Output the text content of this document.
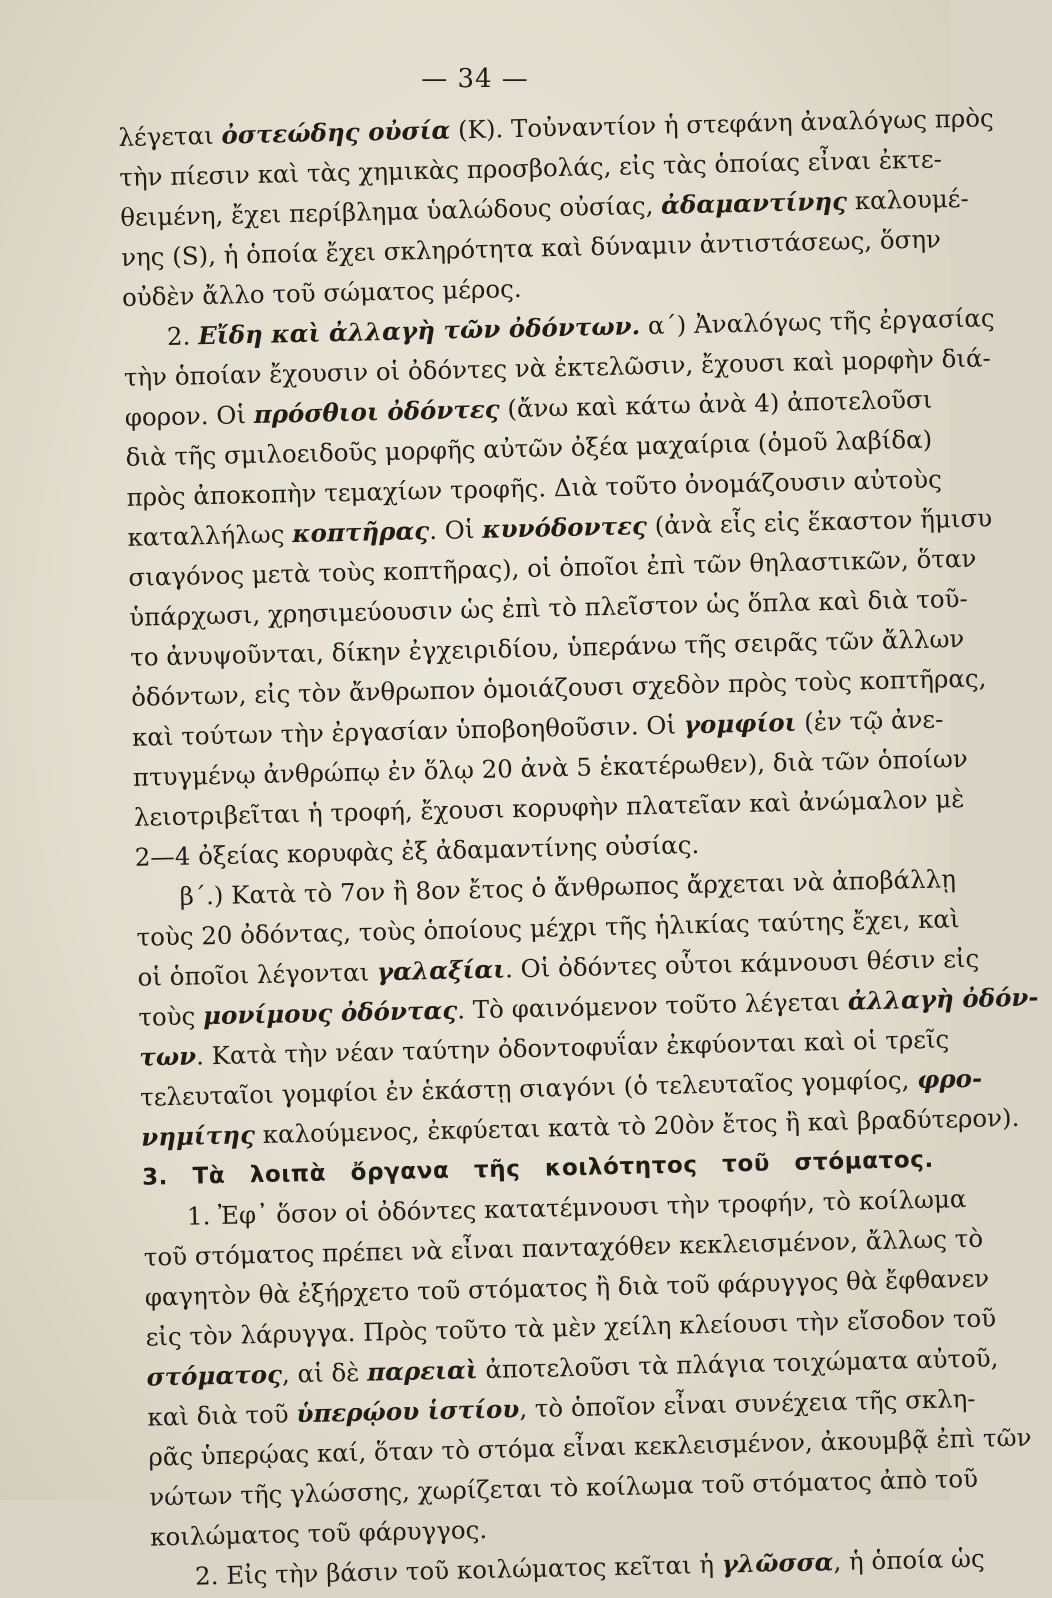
— 34 —
λέγεται ὀστεώδης οὐσία (Κ). Τοὐναντίον ἡ στεφάνη ἀναλόγως πρὸς
τὴν πίεσιν καὶ τὰς χημικὰς προσβολάς, εἰς τὰς ὁποίας εἶναι ἐκτε-
θειμένη, ἔχει περίβλημα ὑαλώδους οὐσίας, ἀδαμαντίνης καλουμέ-
νης (S), ἡ ὁποία ἔχει σκληρότητα καὶ δύναμιν ἀντιστάσεως, ὅσην
οὐδὲν ἄλλο τοῦ σώματος μέρος.
2. Εἴδη καὶ ἀλλαγὴ τῶν ὀδόντων. α΄) Ἀναλόγως τῆς ἐργασίας
τὴν ὁποίαν ἔχουσιν οἱ ὀδόντες νὰ ἐκτελῶσιν, ἔχουσι καὶ μορφὴν διά-
φορον. Οἱ πρόσθιοι ὀδόντες (ἄνω καὶ κάτω ἀνὰ 4) ἀποτελοῦσι
διὰ τῆς σμιλοειδοῦς μορφῆς αὐτῶν ὀξέα μαχαίρια (ὁμοῦ λαβίδα)
πρὸς ἀποκοπὴν τεμαχίων τροφῆς. Διὰ τοῦτο ὀνομάζουσιν αὐτοὺς
καταλλήλως κοπτῆρας. Οἱ κυνόδοντες (ἀνὰ εἷς εἰς ἕκαστον ἥμισυ
σιαγόνος μετὰ τοὺς κοπτῆρας), οἱ ὁποῖοι ἐπὶ τῶν θηλαστικῶν, ὅταν
ὑπάρχωσι, χρησιμεύουσιν ὡς ἐπὶ τὸ πλεῖστον ὡς ὅπλα καὶ διὰ τοῦ-
το ἀνυψοῦνται, δίκην ἐγχειριδίου, ὑπεράνω τῆς σειρᾶς τῶν ἄλλων
ὀδόντων, εἰς τὸν ἄνθρωπον ὁμοιάζουσι σχεδὸν πρὸς τοὺς κοπτῆρας,
καὶ τούτων τὴν ἐργασίαν ὑποβοηθοῦσιν. Οἱ γομφίοι (ἐν τῷ ἀνε-
πτυγμένῳ ἀνθρώπῳ ἐν ὅλῳ 20 ἀνὰ 5 ἑκατέρωθεν), διὰ τῶν ὁποίων
λειοτριβεῖται ἡ τροφή, ἔχουσι κορυφὴν πλατεῖαν καὶ ἀνώμαλον μὲ
2—4 ὀξείας κορυφὰς ἐξ ἀδαμαντίνης οὐσίας.
β΄.) Κατὰ τὸ 7ον ἢ 8ον ἔτος ὁ ἄνθρωπος ἄρχεται νὰ ἀποβάλλῃ
τοὺς 20 ὀδόντας, τοὺς ὁποίους μέχρι τῆς ἡλικίας ταύτης ἔχει, καὶ
οἱ ὁποῖοι λέγονται γαλαξίαι. Οἱ ὀδόντες οὗτοι κάμνουσι θέσιν εἰς
τοὺς μονίμους ὀδόντας. Τὸ φαινόμενον τοῦτο λέγεται ἀλλαγὴ ὀδόν-
των. Κατὰ τὴν νέαν ταύτην ὀδοντοφυΐαν ἐκφύονται καὶ οἱ τρεῖς
τελευταῖοι γομφίοι ἐν ἑκάστῃ σιαγόνι (ὁ τελευταῖος γομφίος, φρο-
νημίτης καλούμενος, ἐκφύεται κατὰ τὸ 20ὸν ἔτος ἢ καὶ βραδύτερον).
3. Τὰ λοιπὰ ὄργανα τῆς κοιλότητος τοῦ στόματος.
1. Ἐφ᾽ ὅσον οἱ ὀδόντες κατατέμνουσι τὴν τροφήν, τὸ κοίλωμα
τοῦ στόματος πρέπει νὰ εἶναι πανταχόθεν κεκλεισμένον, ἄλλως τὸ
φαγητὸν θὰ ἐξήρχετο τοῦ στόματος ἢ διὰ τοῦ φάρυγγος θὰ ἔφθανεν
εἰς τὸν λάρυγγα. Πρὸς τοῦτο τὰ μὲν χείλη κλείουσι τὴν εἴσοδον τοῦ
στόματος, αἱ δὲ παρειαὶ ἀποτελοῦσι τὰ πλάγια τοιχώματα αὐτοῦ,
καὶ διὰ τοῦ ὑπερῴου ἱστίου, τὸ ὁποῖον εἶναι συνέχεια τῆς σκλη-
ρᾶς ὑπερῴας καί, ὅταν τὸ στόμα εἶναι κεκλεισμένον, ἀκουμβᾷ ἐπὶ τῶν
νώτων τῆς γλώσσης, χωρίζεται τὸ κοίλωμα τοῦ στόματος ἀπὸ τοῦ
κοιλώματος τοῦ φάρυγγος.
2. Εἰς τὴν βάσιν τοῦ κοιλώματος κεῖται ἡ γλῶσσα, ἡ ὁποία ὡς
